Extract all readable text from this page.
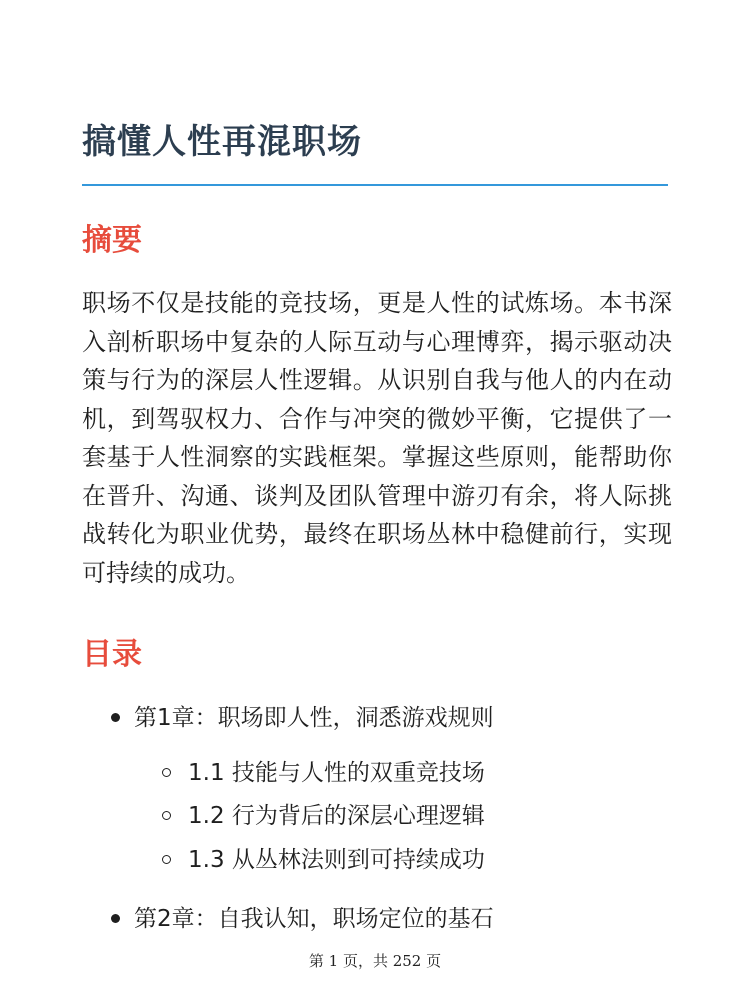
搞懂人性再混职场
摘要

职场不仅是技能的竞技场，更是人性的试炼场。本书深入剖析职场中复杂的人际互动与心理博弈，揭示驱动决策与行为的深层人性逻辑。从识别自我与他人的内在动机，到驾驭权力、合作与冲突的微妙平衡，它提供了一套基于人性洞察的实践框架。掌握这些原则，能帮助你在晋升、沟通、谈判及团队管理中游刃有余，将人际挑战转化为职业优势，最终在职场丛林中稳健前行，实现可持续的成功。

目录
第1章：职场即人性，洞悉游戏规则
1.1 技能与人性的双重竞技场
1.2 行为背后的深层心理逻辑
1.3 从丛林法则到可持续成功
第2章：自我认知，职场定位的基石
第 1 页，共 252 页
